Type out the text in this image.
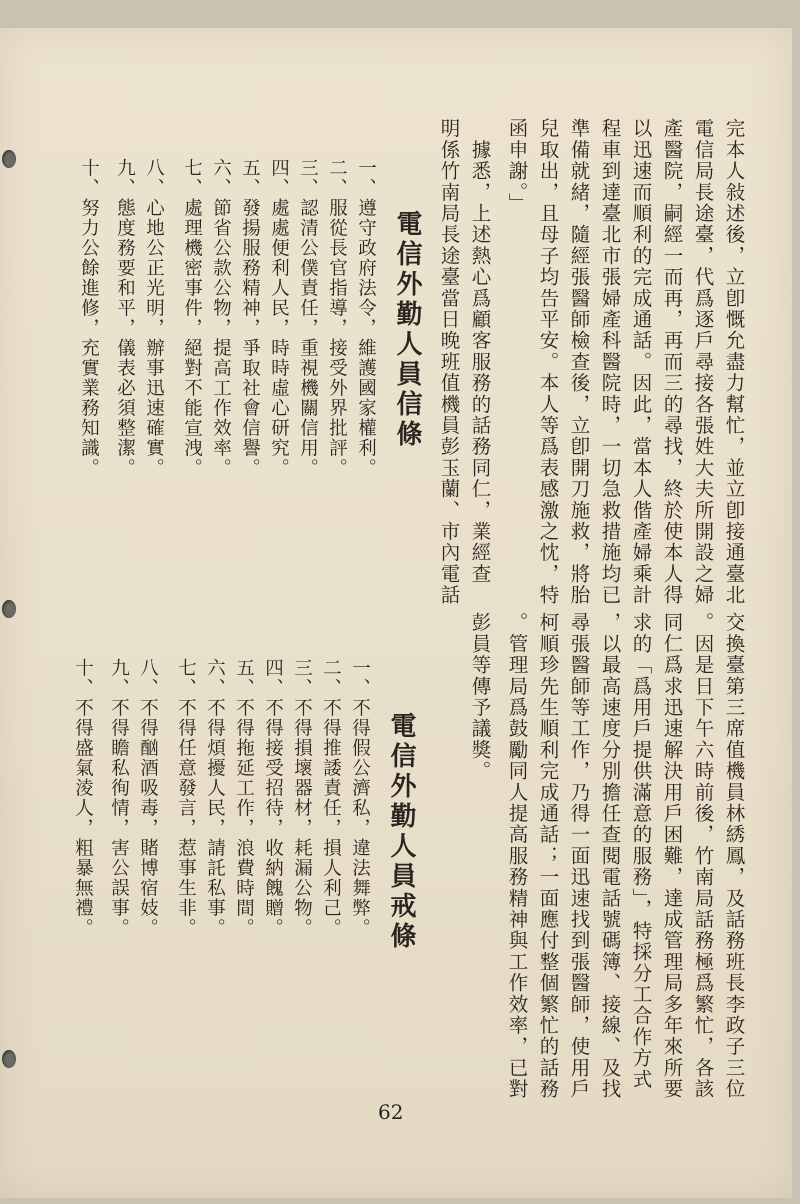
完本人敍述後，立卽慨允盡力幫忙，並立卽接通臺北
電信局長途臺，代爲逐戶尋接各張姓大夫所開設之婦
產醫院，嗣經一而再，再而三的尋找，終於使本人得
以迅速而順利的完成通話。因此，當本人偕產婦乘計
程車到達臺北市張婦產科醫院時，一切急救措施均已
準備就緒，隨經張醫師檢查後，立卽開刀施救，將胎
兒取出，且母子均告平安。本人等爲表感激之忱，特
函申謝。」
　據悉，上述熱心爲顧客服務的話務同仁，業經查
明係竹南局長途臺當日晚班值機員彭玉蘭、市內電話
交換臺第三席值機員林綉鳳，及話務班長李政子三位
。因是日下午六時前後，竹南局話務極爲繁忙，各該
同仁爲求迅速解決用戶困難，達成管理局多年來所要
求的「爲用戶提供滿意的服務」，特採分工合作方式
，以最高速度分別擔任查閱電話號碼簿、接線、及找
尋張醫師等工作，乃得一面迅速找到張醫師，使用戶
柯順珍先生順利完成通話；一面應付整個繁忙的話務
。管理局爲鼓勵同人提高服務精神與工作效率，已對
彭員等傳予議獎。
電信外勤人員信條
一、遵守政府法令，維護國家權利。
二、服從長官指導，接受外界批評。
三、認清公僕責任，重視機關信用。
四、處處便利人民，時時虛心研究。
五、發揚服務精神，爭取社會信譽。
六、節省公款公物，提高工作效率。
七、處理機密事件，絕對不能宣洩。
八、心地公正光明，辦事迅速確實。
九、態度務要和平，儀表必須整潔。
十、努力公餘進修，充實業務知識。
電信外勤人員戒條
一、不得假公濟私，違法舞弊。
二、不得推諉責任，損人利己。
三、不得損壞器材，耗漏公物。
四、不得接受招待，收納餽贈。
五、不得拖延工作，浪費時間。
六、不得煩擾人民，請託私事。
七、不得任意發言，惹事生非。
八、不得酗酒吸毒，賭博宿妓。
九、不得瞻私徇情，害公誤事。
十、不得盛氣淩人，粗暴無禮。
62
